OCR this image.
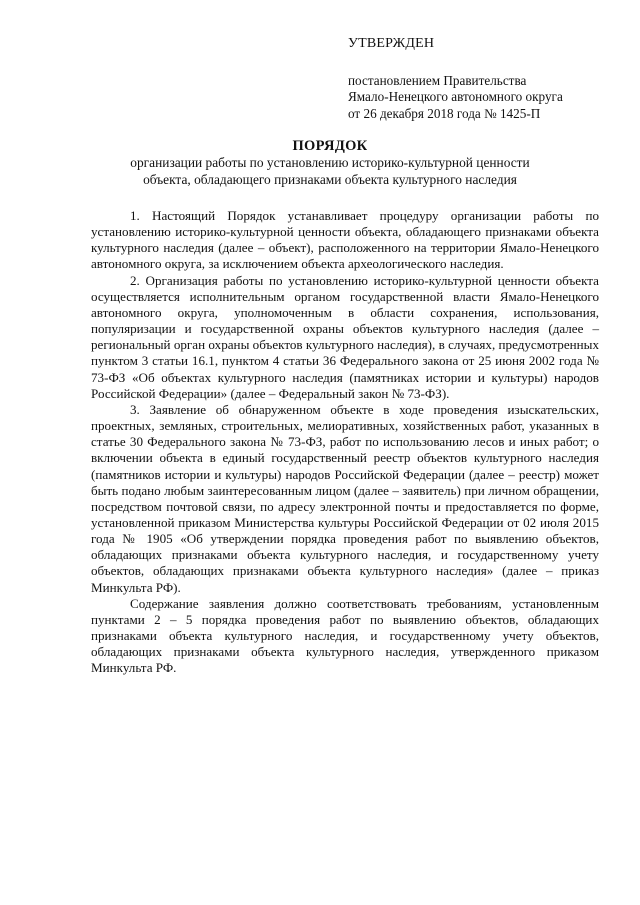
УТВЕРЖДЕН
постановлением Правительства
Ямало-Ненецкого автономного округа
от 26 декабря 2018 года № 1425-П
ПОРЯДОК
организации работы по установлению историко-культурной ценности
объекта, обладающего признаками объекта культурного наследия

1. Настоящий Порядок устанавливает процедуру организации работы по установлению историко-культурной ценности объекта, обладающего признаками объекта культурного наследия (далее – объект), расположенного на территории Ямало-Ненецкого автономного округа, за исключением объекта археологического наследия.

2. Организация работы по установлению историко-культурной ценности объекта осуществляется исполнительным органом государственной власти Ямало-Ненецкого автономного округа, уполномоченным в области сохранения, использования, популяризации и государственной охраны объектов культурного наследия (далее – региональный орган охраны объектов культурного наследия), в случаях, предусмотренных пунктом 3 статьи 16.1, пунктом 4 статьи 36 Федерального закона от 25 июня 2002 года № 73-ФЗ «Об объектах культурного наследия (памятниках истории и культуры) народов Российской Федерации» (далее – Федеральный закон № 73-ФЗ).

3. Заявление об обнаруженном объекте в ходе проведения изыскательских, проектных, земляных, строительных, мелиоративных, хозяйственных работ, указанных в статье 30 Федерального закона № 73-ФЗ, работ по использованию лесов и иных работ; о включении объекта в единый государственный реестр объектов культурного наследия (памятников истории и культуры) народов Российской Федерации (далее – реестр) может быть подано любым заинтересованным лицом (далее – заявитель) при личном обращении, посредством почтовой связи, по адресу электронной почты и предоставляется по форме, установленной приказом Министерства культуры Российской Федерации от 02 июля 2015 года № 1905 «Об утверждении порядка проведения работ по выявлению объектов, обладающих признаками объекта культурного наследия, и государственному учету объектов, обладающих признаками объекта культурного наследия» (далее – приказ Минкульта РФ).

Содержание заявления должно соответствовать требованиям, установленным пунктами 2 – 5 порядка проведения работ по выявлению объектов, обладающих признаками объекта культурного наследия, и государственному учету объектов, обладающих признаками объекта культурного наследия, утвержденного приказом Минкульта РФ.
